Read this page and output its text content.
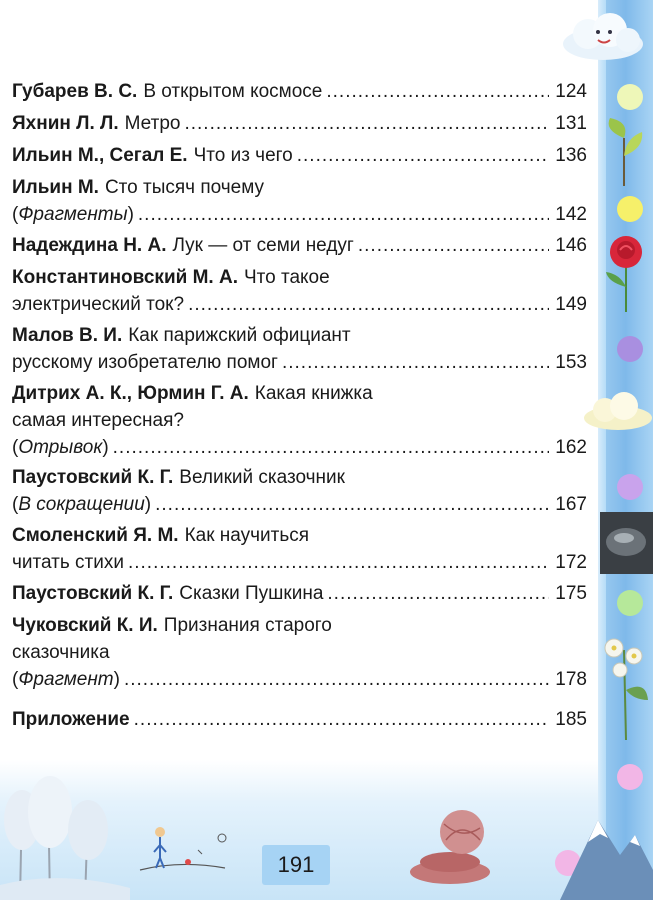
191
Губарев В. С. В открытом космосе .....	124
Яхнин Л. Л. Метро .....	131
Ильин М., Сегал Е. Что из чего .....	136
Ильин М. Сто тысяч почему
(Фрагменты) .....	142
Надеждина Н. А. Лук — от семи недуг .....	146
Константиновский М. А. Что такое
электрический ток? .....	149
Малов В. И. Как парижский официант
русскому изобретателю помог .....	153
Дитрих А. К., Юрмин Г. А. Какая книжка
самая интересная?
(Отрывок) .....	162
Паустовский К. Г. Великий сказочник
(В сокращении) .....	167
Смоленский Я. М. Как научиться
читать стихи .....	172
Паустовский К. Г. Сказки Пушкина .....	175
Чуковский К. И. Признания старого
сказочника
(Фрагмент) .....	178
Приложение .....	185
